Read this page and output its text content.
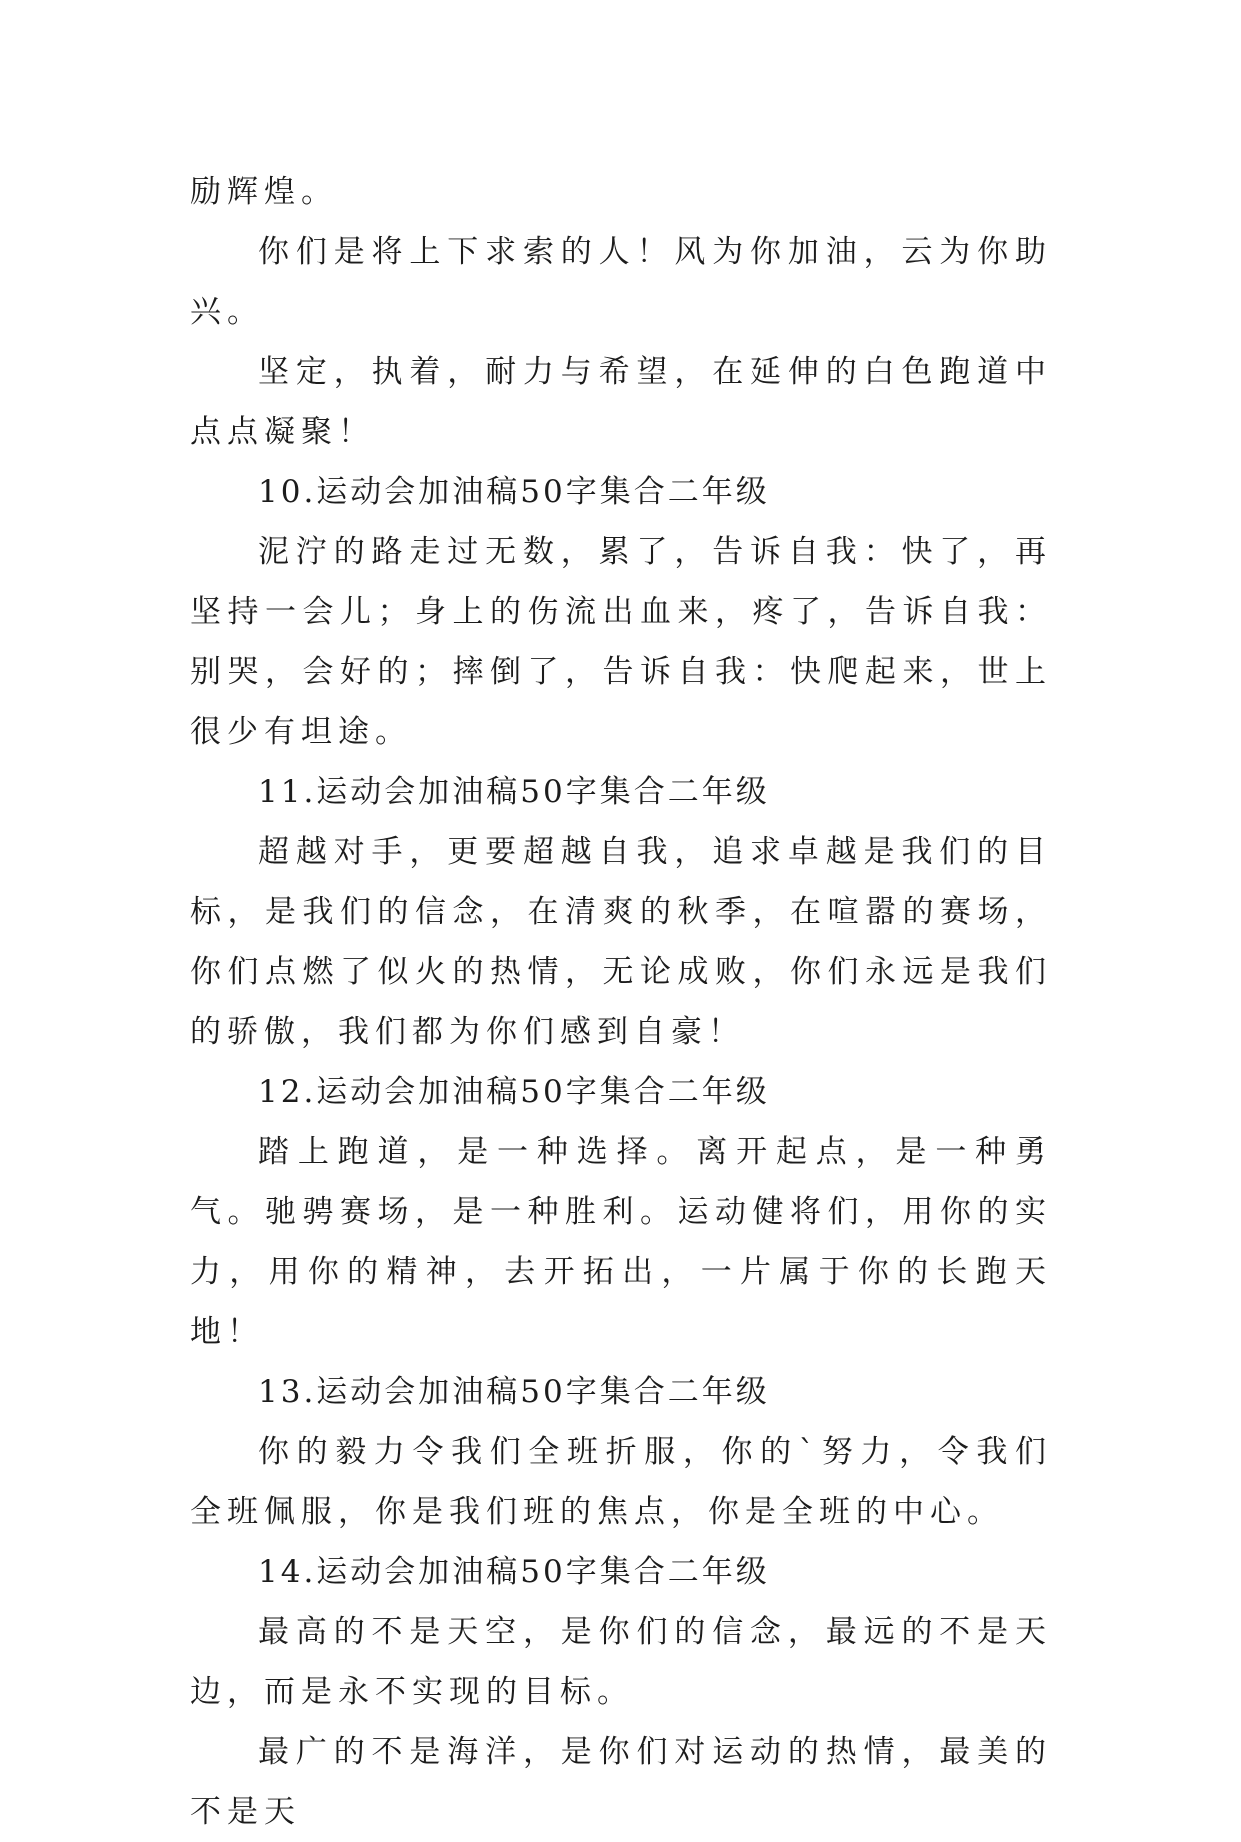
励辉煌。

你们是将上下求索的人！风为你加油，云为你助兴。

坚定，执着，耐力与希望，在延伸的白色跑道中点点凝聚！

10.运动会加油稿50字集合二年级

泥泞的路走过无数，累了，告诉自我：快了，再坚持一会儿；身上的伤流出血来，疼了，告诉自我：别哭，会好的；摔倒了，告诉自我：快爬起来，世上很少有坦途。

11.运动会加油稿50字集合二年级

超越对手，更要超越自我，追求卓越是我们的目标，是我们的信念，在清爽的秋季，在喧嚣的赛场，你们点燃了似火的热情，无论成败，你们永远是我们的骄傲，我们都为你们感到自豪！

12.运动会加油稿50字集合二年级

踏上跑道，是一种选择。离开起点，是一种勇气。驰骋赛场，是一种胜利。运动健将们，用你的实力，用你的精神，去开拓出，一片属于你的长跑天地！

13.运动会加油稿50字集合二年级

你的毅力令我们全班折服，你的`努力，令我们全班佩服，你是我们班的焦点，你是全班的中心。

14.运动会加油稿50字集合二年级

最高的不是天空，是你们的信念，最远的不是天边，而是永不实现的目标。

最广的不是海洋，是你们对运动的热情，最美的不是天
